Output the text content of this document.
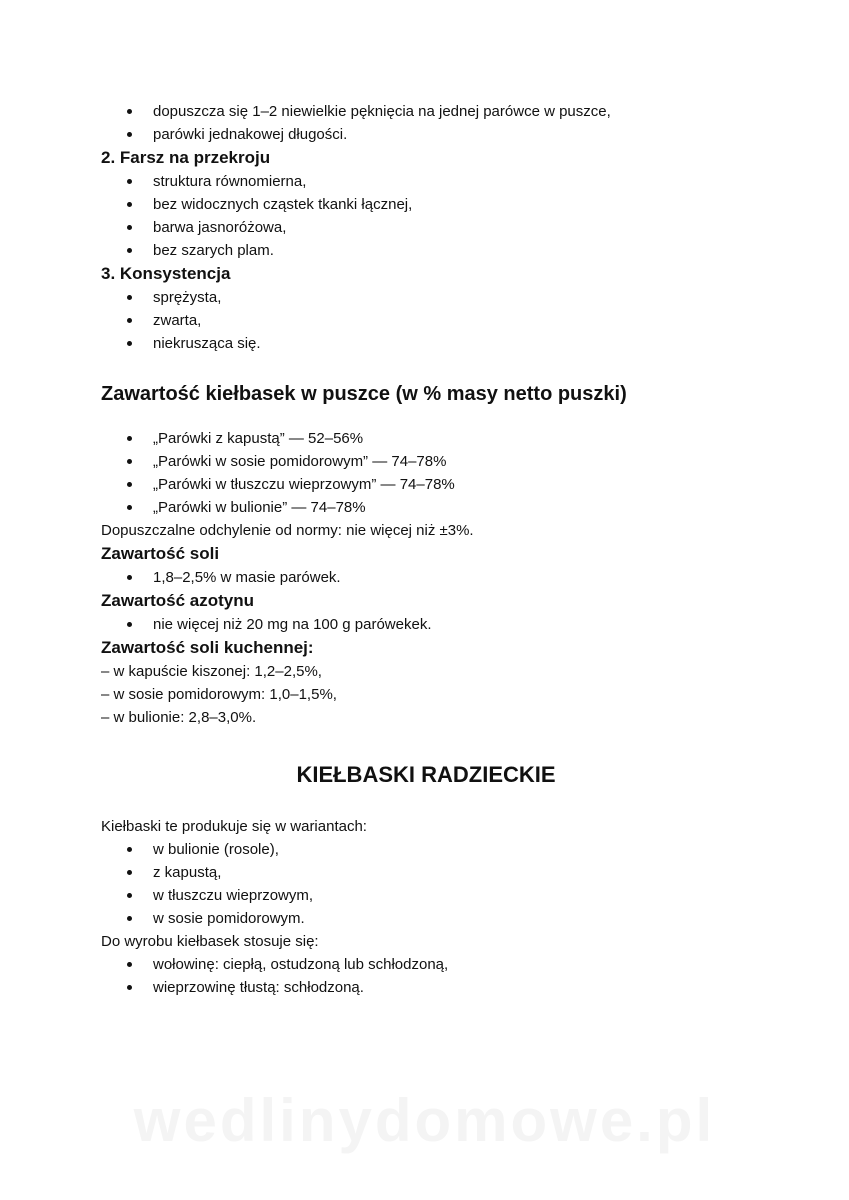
dopuszcza się 1–2 niewielkie pęknięcia na jednej parówce w puszce,
parówki jednakowej długości.
2. Farsz na przekroju
struktura równomierna,
bez widocznych cząstek tkanki łącznej,
barwa jasnoróżowa,
bez szarych plam.
3. Konsystencja
sprężysta,
zwarta,
niekrusząca się.
Zawartość kiełbasek w puszce (w % masy netto puszki)
„Parówki z kapustą” — 52–56%
„Parówki w sosie pomidorowym” — 74–78%
„Parówki w tłuszczu wieprzowym” — 74–78%
„Parówki w bulionie” — 74–78%
Dopuszczalne odchylenie od normy: nie więcej niż ±3%.
Zawartość soli
1,8–2,5% w masie parówek.
Zawartość azotynu
nie więcej niż 20 mg na 100 g parówekek.
Zawartość soli kuchennej:
– w kapuście kiszonej: 1,2–2,5%,
– w sosie pomidorowym: 1,0–1,5%,
– w bulionie: 2,8–3,0%.
KIEŁBASKI RADZIECKIE
Kiełbaski te produkuje się w wariantach:
w bulionie (rosole),
z kapustą,
w tłuszczu wieprzowym,
w sosie pomidorowym.
Do wyrobu kiełbasek stosuje się:
wołowinę: ciepłą, ostudzoną lub schłodzoną,
wieprzowinę tłustą: schłodzoną.
wedlinydomowe.pl
